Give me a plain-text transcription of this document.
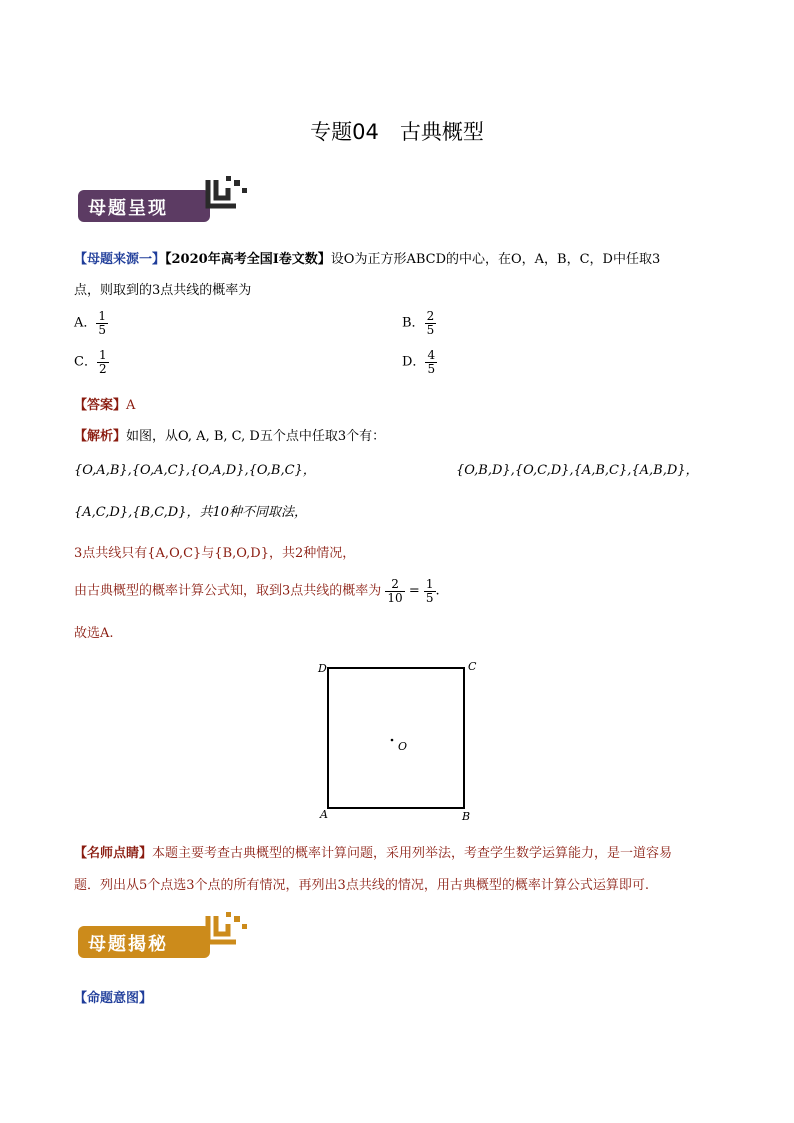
专题04　古典概型
母题呈现
【母题来源一】【2020年高考全国Ⅰ卷文数】设O为正方形ABCD的中心，在O，A，B，C，D中任取3
点，则取到的3点共线的概率为
A． $\frac{1}{5}$	B． $\frac{2}{5}$
C． $\frac{1}{2}$	D． $\frac{4}{5}$
【答案】A
【解析】如图，从O, A, B, C, D五个点中任取3个有：
{O,A,B},{O,A,C},{O,A,D},{O,B,C}，	{O,B,D},{O,C,D},{A,B,C},{A,B,D}，
{A,C,D},{B,C,D}，共10种不同取法，
3点共线只有{A,O,C}与{B,O,D}，共2种情况，
由古典概型的概率计算公式知，取到3点共线的概率为 $\frac{2}{10} = \frac{1}{5}$ .
故选A.
D	C
A	B
O
【名师点睛】本题主要考查古典概型的概率计算问题，采用列举法，考查学生数学运算能力，是一道容易
题．列出从5个点选3个点的所有情况，再列出3点共线的情况，用古典概型的概率计算公式运算即可.
母题揭秘
【命题意图】
